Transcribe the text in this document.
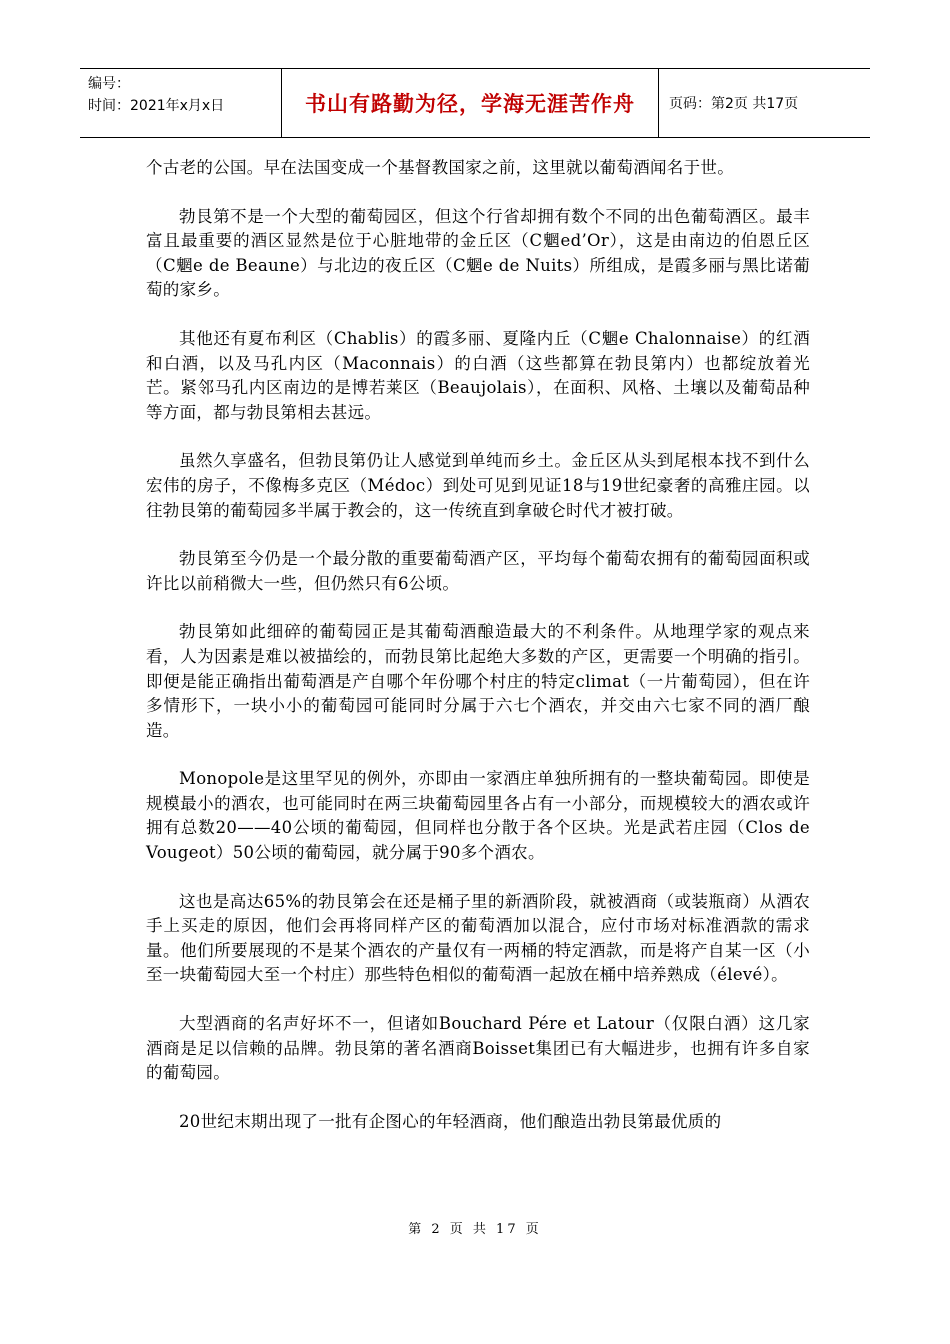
编号：
时间：2021年x月x日	书山有路勤为径，学海无涯苦作舟	页码：第2页 共17页

个古老的公国。早在法国变成一个基督教国家之前，这里就以葡萄酒闻名于世。

勃艮第不是一个大型的葡萄园区，但这个行省却拥有数个不同的出色葡萄酒区。最丰富且最重要的酒区显然是位于心脏地带的金丘区（C魍ed’Or），这是由南边的伯恩丘区（C魍e de Beaune）与北边的夜丘区（C魍e de Nuits）所组成，是霞多丽与黑比诺葡萄的家乡。

其他还有夏布利区（Chablis）的霞多丽、夏隆内丘（C魍e Chalonnaise）的红酒和白酒，以及马孔内区（Maconnais）的白酒（这些都算在勃艮第内）也都绽放着光芒。紧邻马孔内区南边的是博若莱区（Beaujolais），在面积、风格、土壤以及葡萄品种等方面，都与勃艮第相去甚远。

虽然久享盛名，但勃艮第仍让人感觉到单纯而乡土。金丘区从头到尾根本找不到什么宏伟的房子，不像梅多克区（Médoc）到处可见到见证18与19世纪豪奢的高雅庄园。以往勃艮第的葡萄园多半属于教会的，这一传统直到拿破仑时代才被打破。

勃艮第至今仍是一个最分散的重要葡萄酒产区，平均每个葡萄农拥有的葡萄园面积或许比以前稍微大一些，但仍然只有6公顷。

勃艮第如此细碎的葡萄园正是其葡萄酒酿造最大的不利条件。从地理学家的观点来看，人为因素是难以被描绘的，而勃艮第比起绝大多数的产区，更需要一个明确的指引。即便是能正确指出葡萄酒是产自哪个年份哪个村庄的特定climat（一片葡萄园），但在许多情形下，一块小小的葡萄园可能同时分属于六七个酒农，并交由六七家不同的酒厂酿造。

Monopole是这里罕见的例外，亦即由一家酒庄单独所拥有的一整块葡萄园。即使是规模最小的酒农，也可能同时在两三块葡萄园里各占有一小部分，而规模较大的酒农或许拥有总数20——40公顷的葡萄园，但同样也分散于各个区块。光是武若庄园（Clos de Vougeot）50公顷的葡萄园，就分属于90多个酒农。

这也是高达65%的勃艮第会在还是桶子里的新酒阶段，就被酒商（或装瓶商）从酒农手上买走的原因，他们会再将同样产区的葡萄酒加以混合，应付市场对标准酒款的需求量。他们所要展现的不是某个酒农的产量仅有一两桶的特定酒款，而是将产自某一区（小至一块葡萄园大至一个村庄）那些特色相似的葡萄酒一起放在桶中培养熟成（élevé）。

大型酒商的名声好坏不一，但诸如Bouchard Pére et Latour（仅限白酒）这几家酒商是足以信赖的品牌。勃艮第的著名酒商Boisset集团已有大幅进步，也拥有许多自家的葡萄园。

20世纪末期出现了一批有企图心的年轻酒商，他们酿造出勃艮第最优质的

第 2 页 共 17 页
